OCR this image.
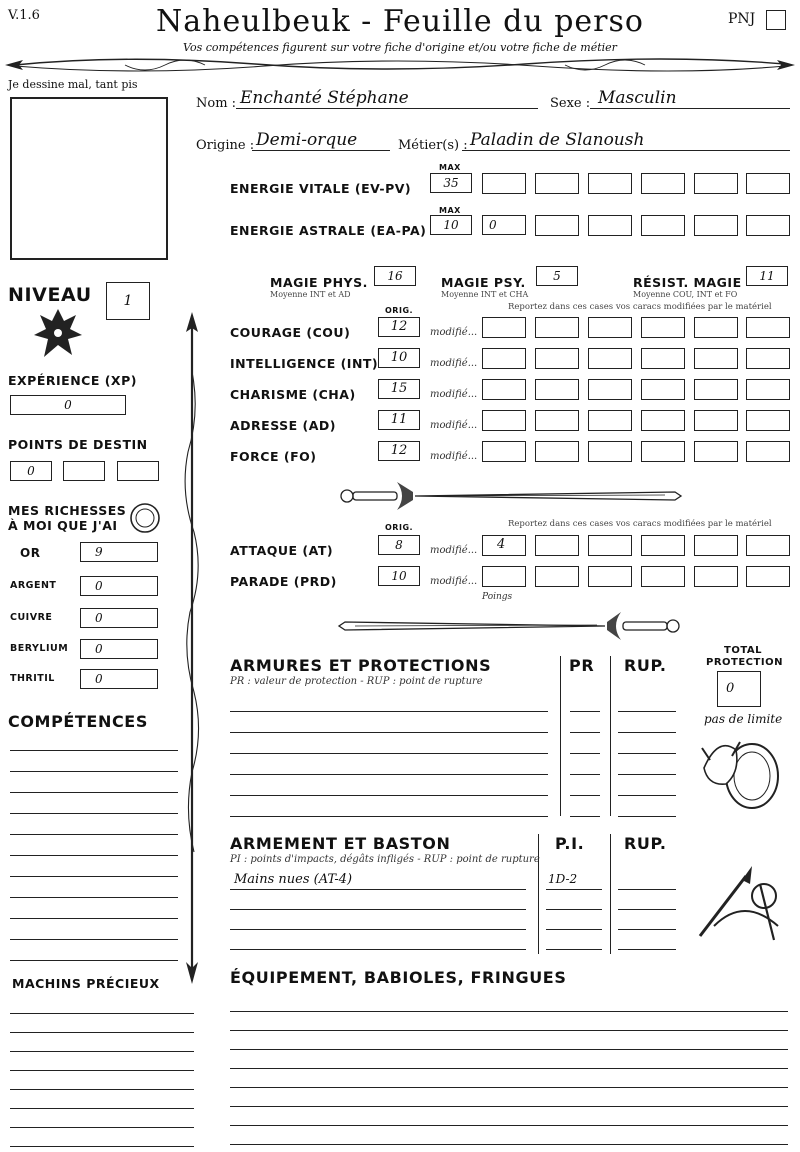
V.1.6	Naheulbeuk - Feuille du perso	PNJ
Vos compétences figurent sur votre fiche d'origine et/ou votre fiche de métier
Je dessine mal, tant pis
Nom : Enchanté Stéphane	Sexe : Masculin
Origine : Demi-orque	Métier(s) : Paladin de Slanoush
MAX
ENERGIE VITALE (EV-PV)	35
MAX
ENERGIE ASTRALE (EA-PA)	10	0
MAGIE PHYS.	16
Moyenne INT et AD
MAGIE PSY.	5
Moyenne INT et CHA
RÉSIST. MAGIE	11
Moyenne COU, INT et FO
ORIG.	Reportez dans ces cases vos caracs modifiées par le matériel
ORIG.	Reportez dans ces cases vos caracs modifiées par le matériel
ATTAQUE (AT)	8	modifié...	4
PARADE (PRD)	10	modifié...
Poings
NIVEAU	1
EXPÉRIENCE (XP)
0
POINTS DE DESTIN
0
MES RICHESSES
À MOI QUE J'AI
COMPÉTENCES
MACHINS PRÉCIEUX
ARMURES ET PROTECTIONS
PR : valeur de protection - RUP : point de rupture
PR RUP.
TOTAL
PROTECTION
0
pas de limite
ARMEMENT ET BASTON
PI : points d'impacts, dégâts infligés - RUP : point de rupture
P.I. RUP.
Mains nues (AT-4)	1D-2
ÉQUIPEMENT, BABIOLES, FRINGUES
COURAGE (COU)	12	modifié...
INTELLIGENCE (INT) 10	modifié...
CHARISME (CHA)	15	modifié...
ADRESSE (AD)	11	modifié...
FORCE (FO)	12	modifié...
OR	9
ARGENT	0
CUIVRE	0
BERYLIUM	0
THRITIL	0
